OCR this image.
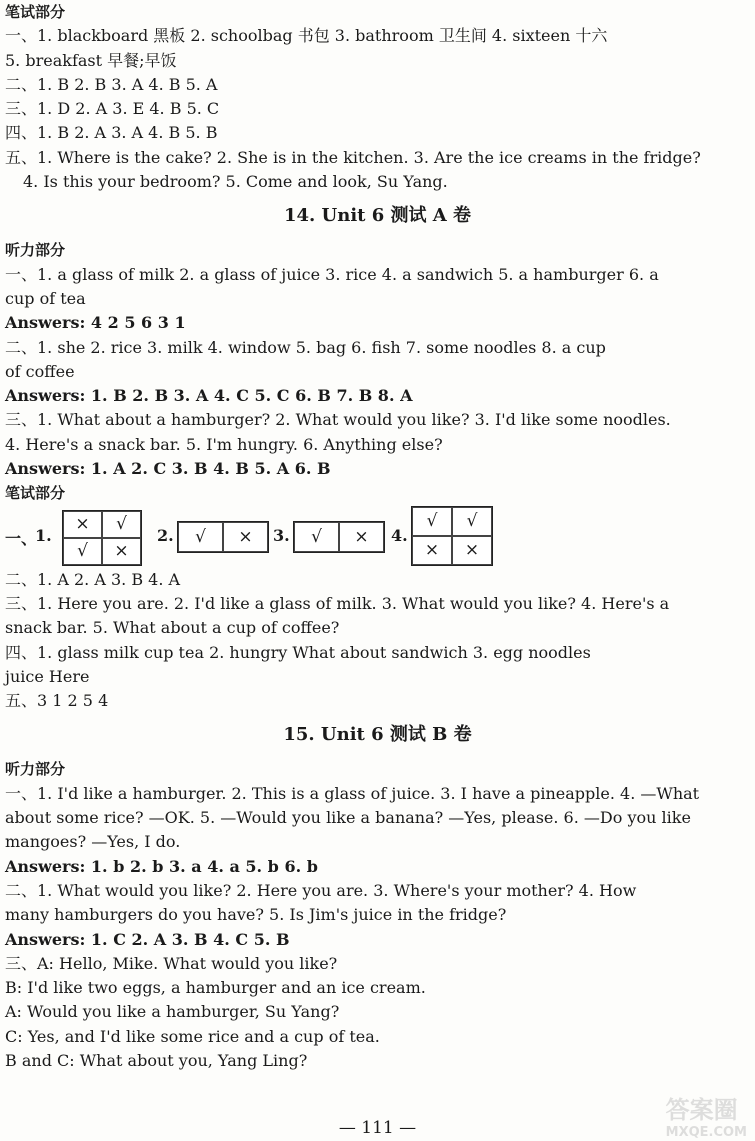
笔试部分
一、1. blackboard 黑板 2. schoolbag 书包 3. bathroom 卫生间 4. sixteen 十六
5. breakfast 早餐;早饭
二、1. B 2. B 3. A 4. B 5. A
三、1. D 2. A 3. E 4. B 5. C
四、1. B 2. A 3. A 4. B 5. B
五、1. Where is the cake? 2. She is in the kitchen. 3. Are the ice creams in the fridge?
4. Is this your bedroom? 5. Come and look, Su Yang.
14. Unit 6 测试 A 卷
听力部分
一、1. a glass of milk 2. a glass of juice 3. rice 4. a sandwich 5. a hamburger 6. a
cup of tea
Answers: 4 2 5 6 3 1
二、1. she 2. rice 3. milk 4. window 5. bag 6. fish 7. some noodles 8. a cup
of coffee
Answers: 1. B 2. B 3. A 4. C 5. C 6. B 7. B 8. A
三、1. What about a hamburger? 2. What would you like? 3. I'd like some noodles.
4. Here's a snack bar. 5. I'm hungry. 6. Anything else?
Answers: 1. A 2. C 3. B 4. B 5. A 6. B
笔试部分
一、
1.
×	√
√	×
2.	√	×	3.	√	×	4.
√	√
×	×
二、1. A 2. A 3. B 4. A
三、1. Here you are. 2. I'd like a glass of milk. 3. What would you like? 4. Here's a
snack bar. 5. What about a cup of coffee?
四、1. glass milk cup tea 2. hungry What about sandwich 3. egg noodles
juice Here
五、3 1 2 5 4
15. Unit 6 测试 B 卷
听力部分
一、1. I'd like a hamburger. 2. This is a glass of juice. 3. I have a pineapple. 4. —What
about some rice? —OK. 5. —Would you like a banana? —Yes, please. 6. —Do you like
mangoes? —Yes, I do.
Answers: 1. b 2. b 3. a 4. a 5. b 6. b
二、1. What would you like? 2. Here you are. 3. Where's your mother? 4. How
many hamburgers do you have? 5. Is Jim's juice in the fridge?
Answers: 1. C 2. A 3. B 4. C 5. B
三、A: Hello, Mike. What would you like?
B: I'd like two eggs, a hamburger and an ice cream.
A: Would you like a hamburger, Su Yang?
C: Yes, and I'd like some rice and a cup of tea.
B and C: What about you, Yang Ling?
— 111 —
答案圈
MXQE.COM
